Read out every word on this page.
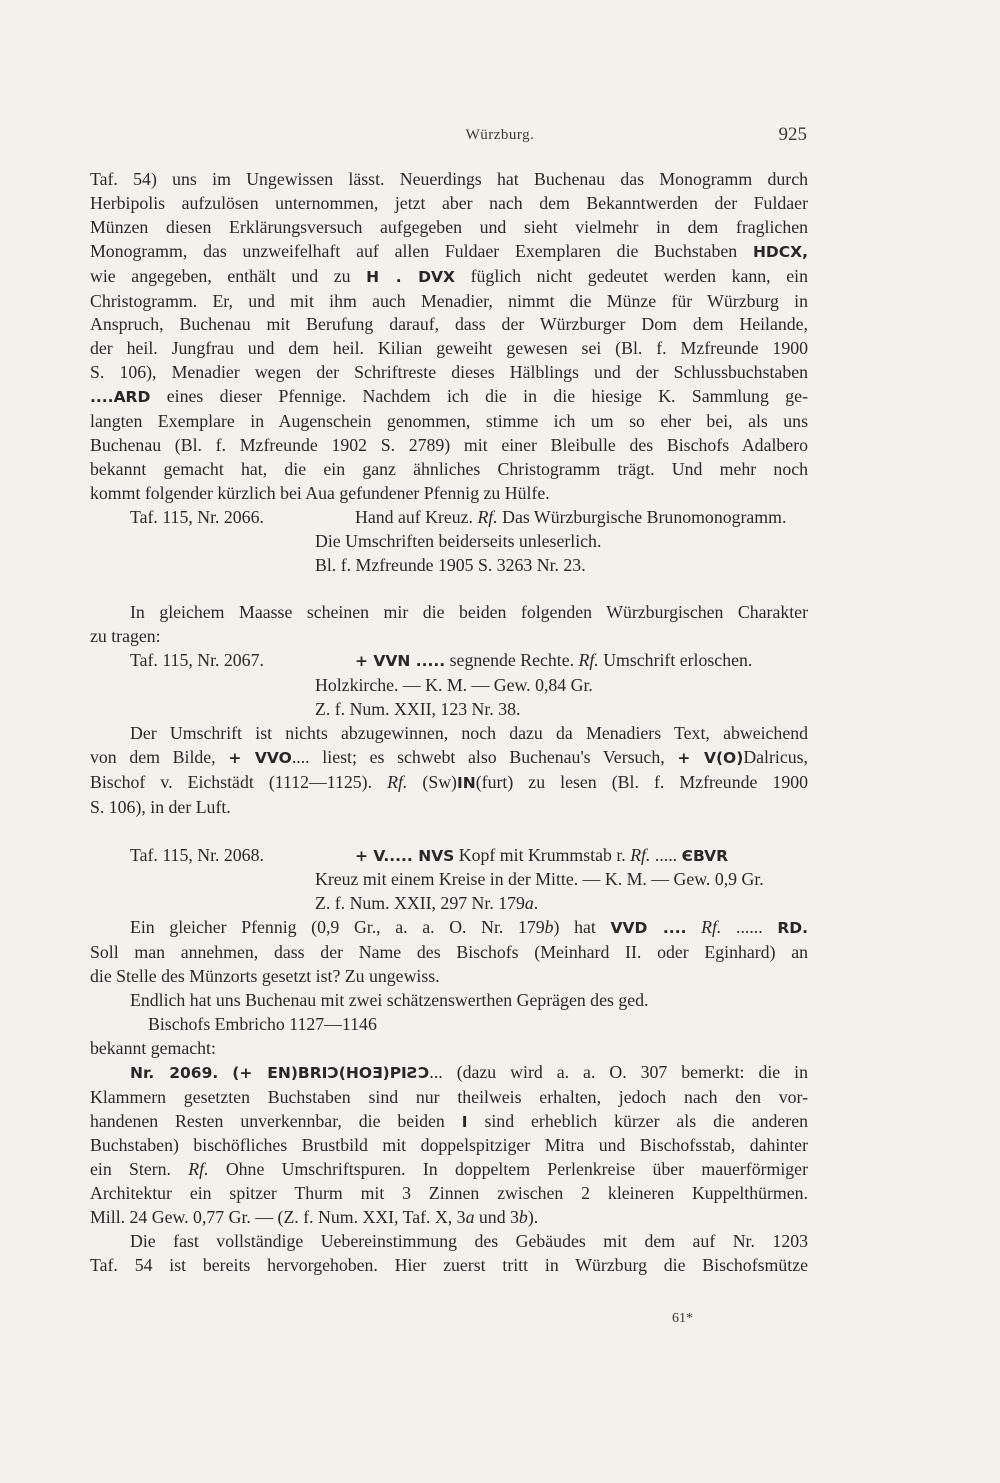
Würzburg.	925
Taf. 54) uns im Ungewissen lässt. Neuerdings hat Buchenau das Monogramm durch
Herbipolis aufzulösen unternommen, jetzt aber nach dem Bekanntwerden der Fuldaer
Münzen diesen Erklärungsversuch aufgegeben und sieht vielmehr in dem fraglichen
Monogramm, das unzweifelhaft auf allen Fuldaer Exemplaren die Buchstaben HDCX,
wie angegeben, enthält und zu H . DVX füglich nicht gedeutet werden kann, ein
Christogramm. Er, und mit ihm auch Menadier, nimmt die Münze für Würzburg in
Anspruch, Buchenau mit Berufung darauf, dass der Würzburger Dom dem Heilande,
der heil. Jungfrau und dem heil. Kilian geweiht gewesen sei (Bl. f. Mzfreunde 1900
S. 106), Menadier wegen der Schriftreste dieses Hälblings und der Schlussbuchstaben
....ARD eines dieser Pfennige. Nachdem ich die in die hiesige K. Sammlung ge-
langten Exemplare in Augenschein genommen, stimme ich um so eher bei, als uns
Buchenau (Bl. f. Mzfreunde 1902 S. 2789) mit einer Bleibulle des Bischofs Adalbero
bekannt gemacht hat, die ein ganz ähnliches Christogramm trägt. Und mehr noch
kommt folgender kürzlich bei Aua gefundener Pfennig zu Hülfe.
Taf. 115, Nr. 2066.	Hand auf Kreuz. Rf. Das Würzburgische Brunomonogramm.
Die Umschriften beiderseits unleserlich.
Bl. f. Mzfreunde 1905 S. 3263 Nr. 23.
In gleichem Maasse scheinen mir die beiden folgenden Würzburgischen Charakter
zu tragen:
Taf. 115, Nr. 2067.	+ VVN ..... segnende Rechte. Rf. Umschrift erloschen.
Holzkirche. — K. M. — Gew. 0,84 Gr.
Z. f. Num. XXII, 123 Nr. 38.
Der Umschrift ist nichts abzugewinnen, noch dazu da Menadiers Text, abweichend
von dem Bilde, + VVO.... liest; es schwebt also Buchenau's Versuch, + V(O)Dalricus,
Bischof v. Eichstädt (1112—1125). Rf. (Sw)IN(furt) zu lesen (Bl. f. Mzfreunde 1900
S. 106), in der Luft.
Taf. 115, Nr. 2068.	+ V..... NVS Kopf mit Krummstab r. Rf. ..... ЄBVR
Kreuz mit einem Kreise in der Mitte. — K. M. — Gew. 0,9 Gr.
Z. f. Num. XXII, 297 Nr. 179a.
Ein gleicher Pfennig (0,9 Gr., a. a. O. Nr. 179b) hat VVD .... Rf. ...... RD.
Soll man annehmen, dass der Name des Bischofs (Meinhard II. oder Eginhard) an
die Stelle des Münzorts gesetzt ist? Zu ungewiss.
Endlich hat uns Buchenau mit zwei schätzenswerthen Geprägen des ged.
Bischofs Embricho 1127—1146
bekannt gemacht:
Nr. 2069. (+ EN)BRIƆ(HOƎ)PIƧƆ... (dazu wird a. a. O. 307 bemerkt: die in
Klammern gesetzten Buchstaben sind nur theilweis erhalten, jedoch nach den vor-
handenen Resten unverkennbar, die beiden I sind erheblich kürzer als die anderen
Buchstaben) bischöfliches Brustbild mit doppelspitziger Mitra und Bischofsstab, dahinter
ein Stern. Rf. Ohne Umschriftspuren. In doppeltem Perlenkreise über mauerförmiger
Architektur ein spitzer Thurm mit 3 Zinnen zwischen 2 kleineren Kuppelthürmen.
Mill. 24 Gew. 0,77 Gr. — (Z. f. Num. XXI, Taf. X, 3a und 3b).
Die fast vollständige Uebereinstimmung des Gebäudes mit dem auf Nr. 1203
Taf. 54 ist bereits hervorgehoben. Hier zuerst tritt in Würzburg die Bischofsmütze
61*
